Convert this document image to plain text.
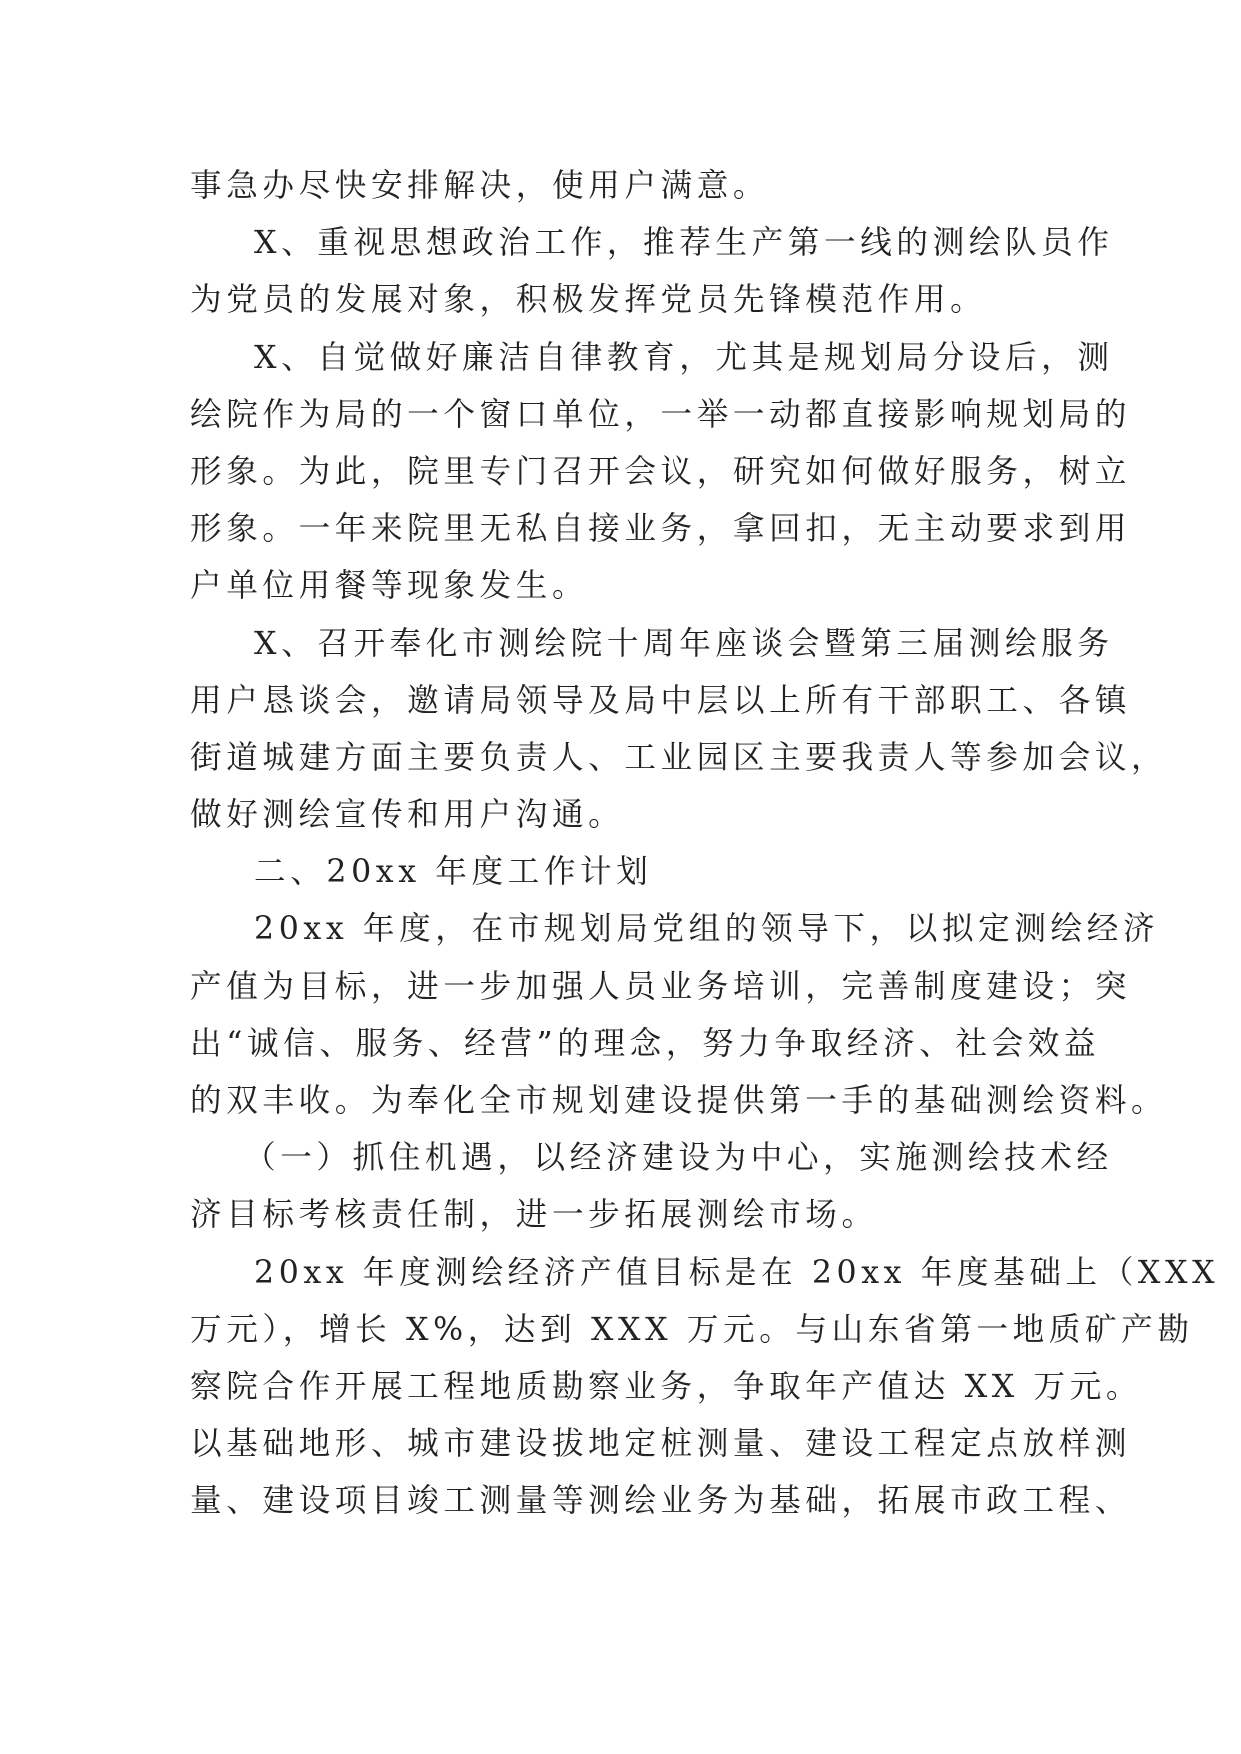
事急办尽快安排解决，使用户满意。
X、重视思想政治工作，推荐生产第一线的测绘队员作
为党员的发展对象，积极发挥党员先锋模范作用。
X、自觉做好廉洁自律教育，尤其是规划局分设后，测
绘院作为局的一个窗口单位，一举一动都直接影响规划局的
形象。为此，院里专门召开会议，研究如何做好服务，树立
形象。一年来院里无私自接业务，拿回扣，无主动要求到用
户单位用餐等现象发生。
X、召开奉化市测绘院十周年座谈会暨第三届测绘服务
用户恳谈会，邀请局领导及局中层以上所有干部职工、各镇
街道城建方面主要负责人、工业园区主要我责人等参加会议，
做好测绘宣传和用户沟通。
二、20xx 年度工作计划
20xx 年度，在市规划局党组的领导下，以拟定测绘经济
产值为目标，进一步加强人员业务培训，完善制度建设；突
出“诚信、服务、经营”的理念，努力争取经济、社会效益
的双丰收。为奉化全市规划建设提供第一手的基础测绘资料。
（一）抓住机遇，以经济建设为中心，实施测绘技术经
济目标考核责任制，进一步拓展测绘市场。
20xx 年度测绘经济产值目标是在 20xx 年度基础上（XXX
万元），增长 X%，达到 XXX 万元。与山东省第一地质矿产勘
察院合作开展工程地质勘察业务，争取年产值达 XX 万元。
以基础地形、城市建设拔地定桩测量、建设工程定点放样测
量、建设项目竣工测量等测绘业务为基础，拓展市政工程、
